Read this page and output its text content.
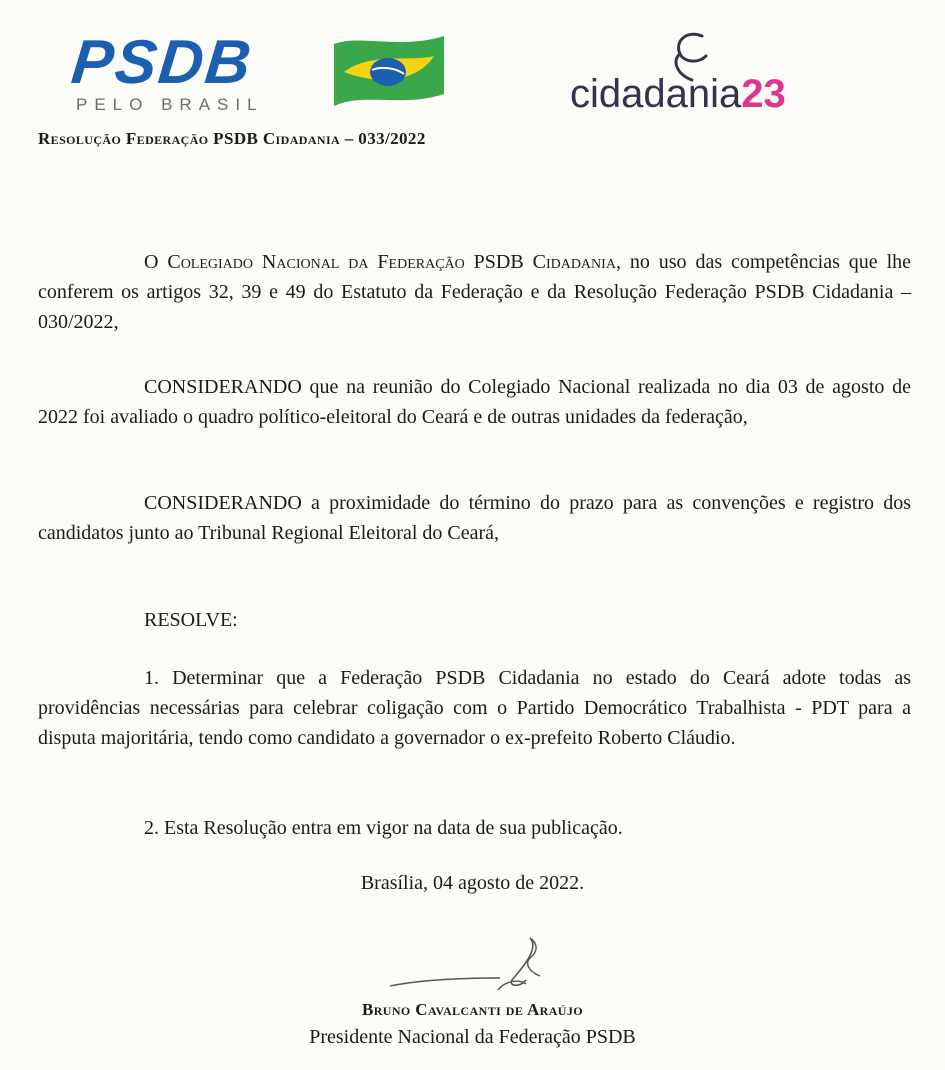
PSDB
PELO BRASIL	cidadania23
Resolução Federação PSDB Cidadania – 033/2022

O Colegiado Nacional da Federação PSDB Cidadania, no uso das competências que lhe conferem os artigos 32, 39 e 49 do Estatuto da Federação e da Resolução Federação PSDB Cidadania – 030/2022,

CONSIDERANDO que na reunião do Colegiado Nacional realizada no dia 03 de agosto de 2022 foi avaliado o quadro político-eleitoral do Ceará e de outras unidades da federação,

CONSIDERANDO a proximidade do término do prazo para as convenções e registro dos candidatos junto ao Tribunal Regional Eleitoral do Ceará,

RESOLVE:

1. Determinar que a Federação PSDB Cidadania no estado do Ceará adote todas as providências necessárias para celebrar coligação com o Partido Democrático Trabalhista - PDT para a disputa majoritária, tendo como candidato a governador o ex-prefeito Roberto Cláudio.

2. Esta Resolução entra em vigor na data de sua publicação.

Brasília, 04 agosto de 2022.
Bruno Cavalcanti de Araújo
Presidente Nacional da Federação PSDB
